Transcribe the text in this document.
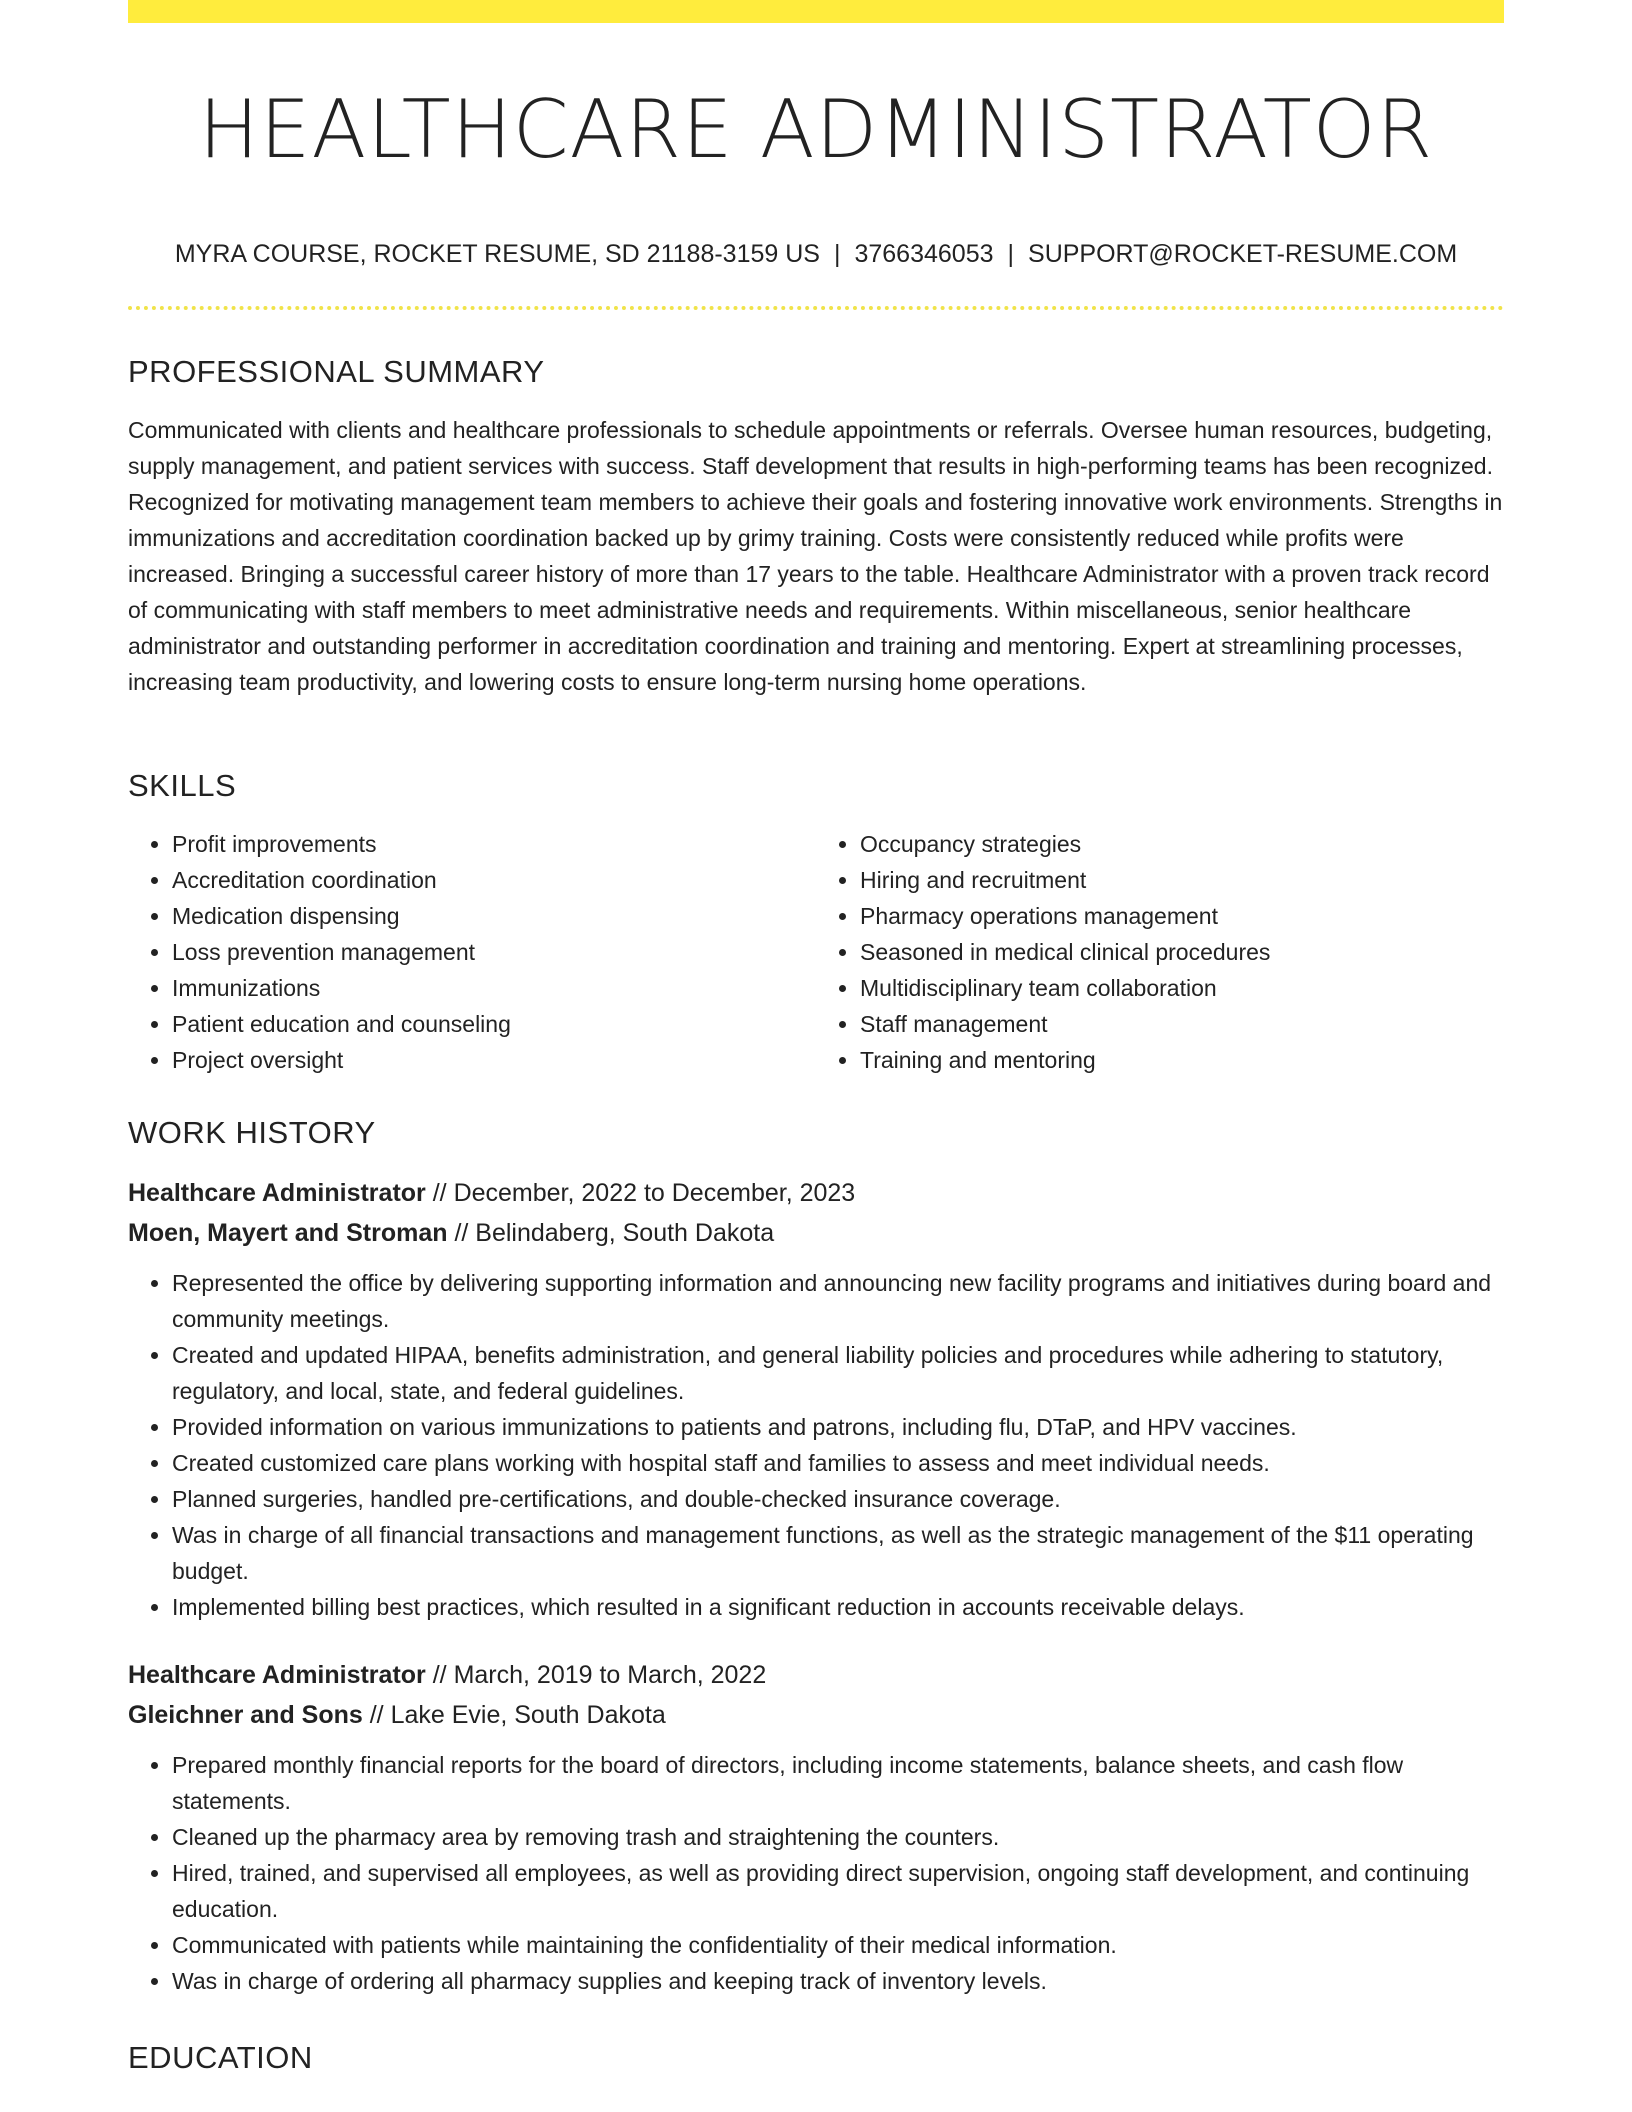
HEALTHCARE ADMINISTRATOR
MYRA COURSE, ROCKET RESUME, SD 21188-3159 US | 3766346053 | SUPPORT@ROCKET-RESUME.COM
PROFESSIONAL SUMMARY

Communicated with clients and healthcare professionals to schedule appointments or referrals. Oversee human resources, budgeting, supply management, and patient services with success. Staff development that results in high-performing teams has been recognized. Recognized for motivating management team members to achieve their goals and fostering innovative work environments. Strengths in immunizations and accreditation coordination backed up by grimy training. Costs were consistently reduced while profits were increased. Bringing a successful career history of more than 17 years to the table. Healthcare Administrator with a proven track record of communicating with staff members to meet administrative needs and requirements. Within miscellaneous, senior healthcare administrator and outstanding performer in accreditation coordination and training and mentoring. Expert at streamlining processes, increasing team productivity, and lowering costs to ensure long-term nursing home operations.

SKILLS
• Profit improvements
• Accreditation coordination
• Medication dispensing
• Loss prevention management
• Immunizations
• Patient education and counseling
• Project oversight
• Occupancy strategies
• Hiring and recruitment
• Pharmacy operations management
• Seasoned in medical clinical procedures
• Multidisciplinary team collaboration
• Staff management
• Training and mentoring
WORK HISTORY

Healthcare Administrator // December, 2022 to December, 2023

Moen, Mayert and Stroman // Belindaberg, South Dakota

• Represented the office by delivering supporting information and announcing new facility programs and initiatives during board and community meetings.
• Created and updated HIPAA, benefits administration, and general liability policies and procedures while adhering to statutory, regulatory, and local, state, and federal guidelines.
• Provided information on various immunizations to patients and patrons, including flu, DTaP, and HPV vaccines.
• Created customized care plans working with hospital staff and families to assess and meet individual needs.
• Planned surgeries, handled pre-certifications, and double-checked insurance coverage.
• Was in charge of all financial transactions and management functions, as well as the strategic management of the $11 operating budget.
• Implemented billing best practices, which resulted in a significant reduction in accounts receivable delays.

Healthcare Administrator // March, 2019 to March, 2022

Gleichner and Sons // Lake Evie, South Dakota

• Prepared monthly financial reports for the board of directors, including income statements, balance sheets, and cash flow statements.
• Cleaned up the pharmacy area by removing trash and straightening the counters.
• Hired, trained, and supervised all employees, as well as providing direct supervision, ongoing staff development, and continuing education.
• Communicated with patients while maintaining the confidentiality of their medical information.
• Was in charge of ordering all pharmacy supplies and keeping track of inventory levels.
EDUCATION
